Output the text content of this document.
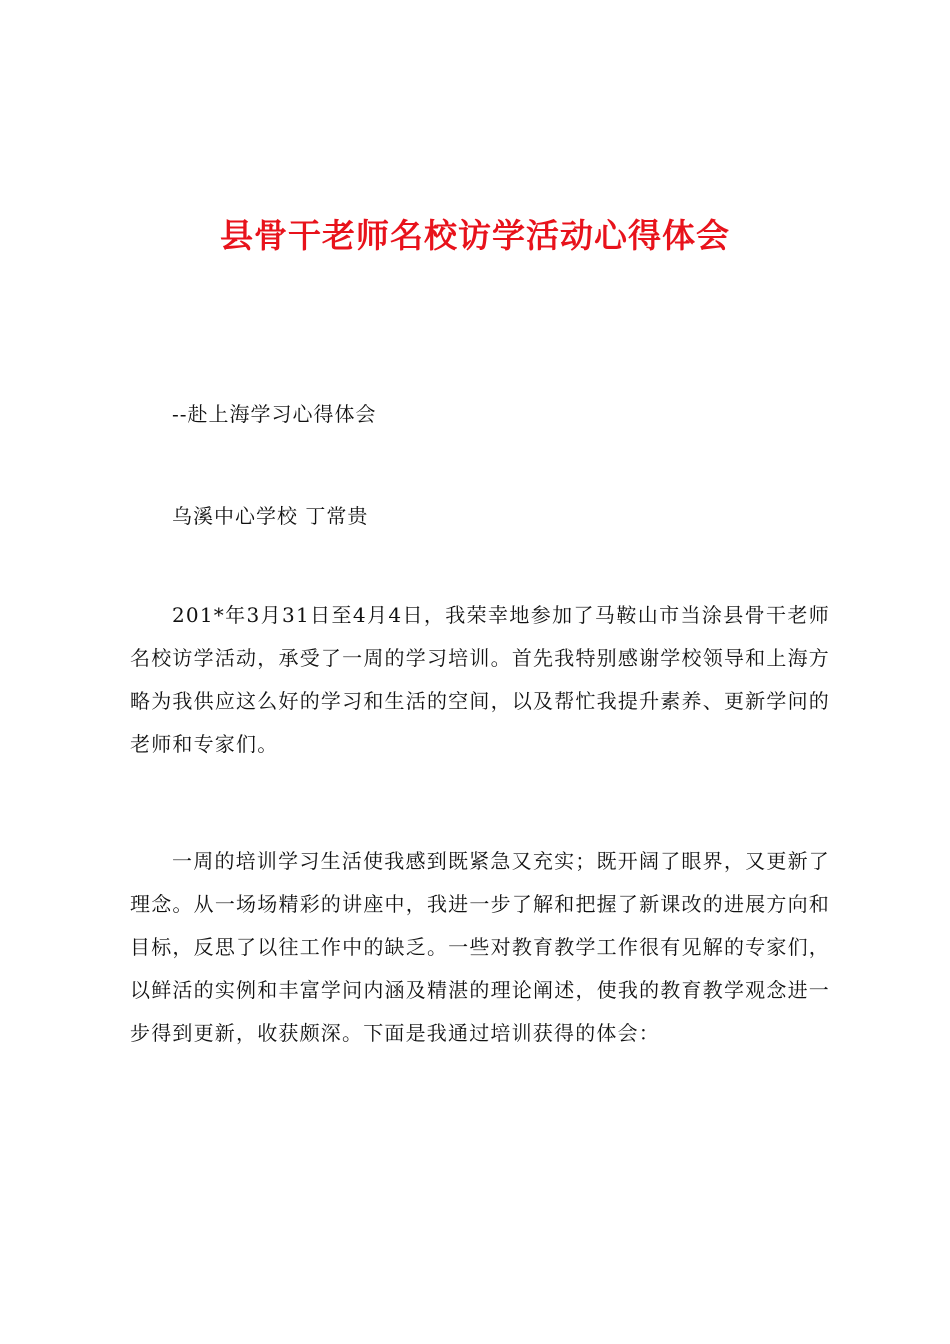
县骨干老师名校访学活动心得体会
--赴上海学习心得体会
乌溪中心学校 丁常贵

201*年3月31日至4月4日，我荣幸地参加了马鞍山市当涂县骨干老师名校访学活动，承受了一周的学习培训。首先我特别感谢学校领导和上海方略为我供应这么好的学习和生活的空间，以及帮忙我提升素养、更新学问的老师和专家们。

一周的培训学习生活使我感到既紧急又充实；既开阔了眼界，又更新了理念。从一场场精彩的讲座中，我进一步了解和把握了新课改的进展方向和目标，反思了以往工作中的缺乏。一些对教育教学工作很有见解的专家们，以鲜活的实例和丰富学问内涵及精湛的理论阐述，使我的教育教学观念进一步得到更新，收获颇深。下面是我通过培训获得的体会：
